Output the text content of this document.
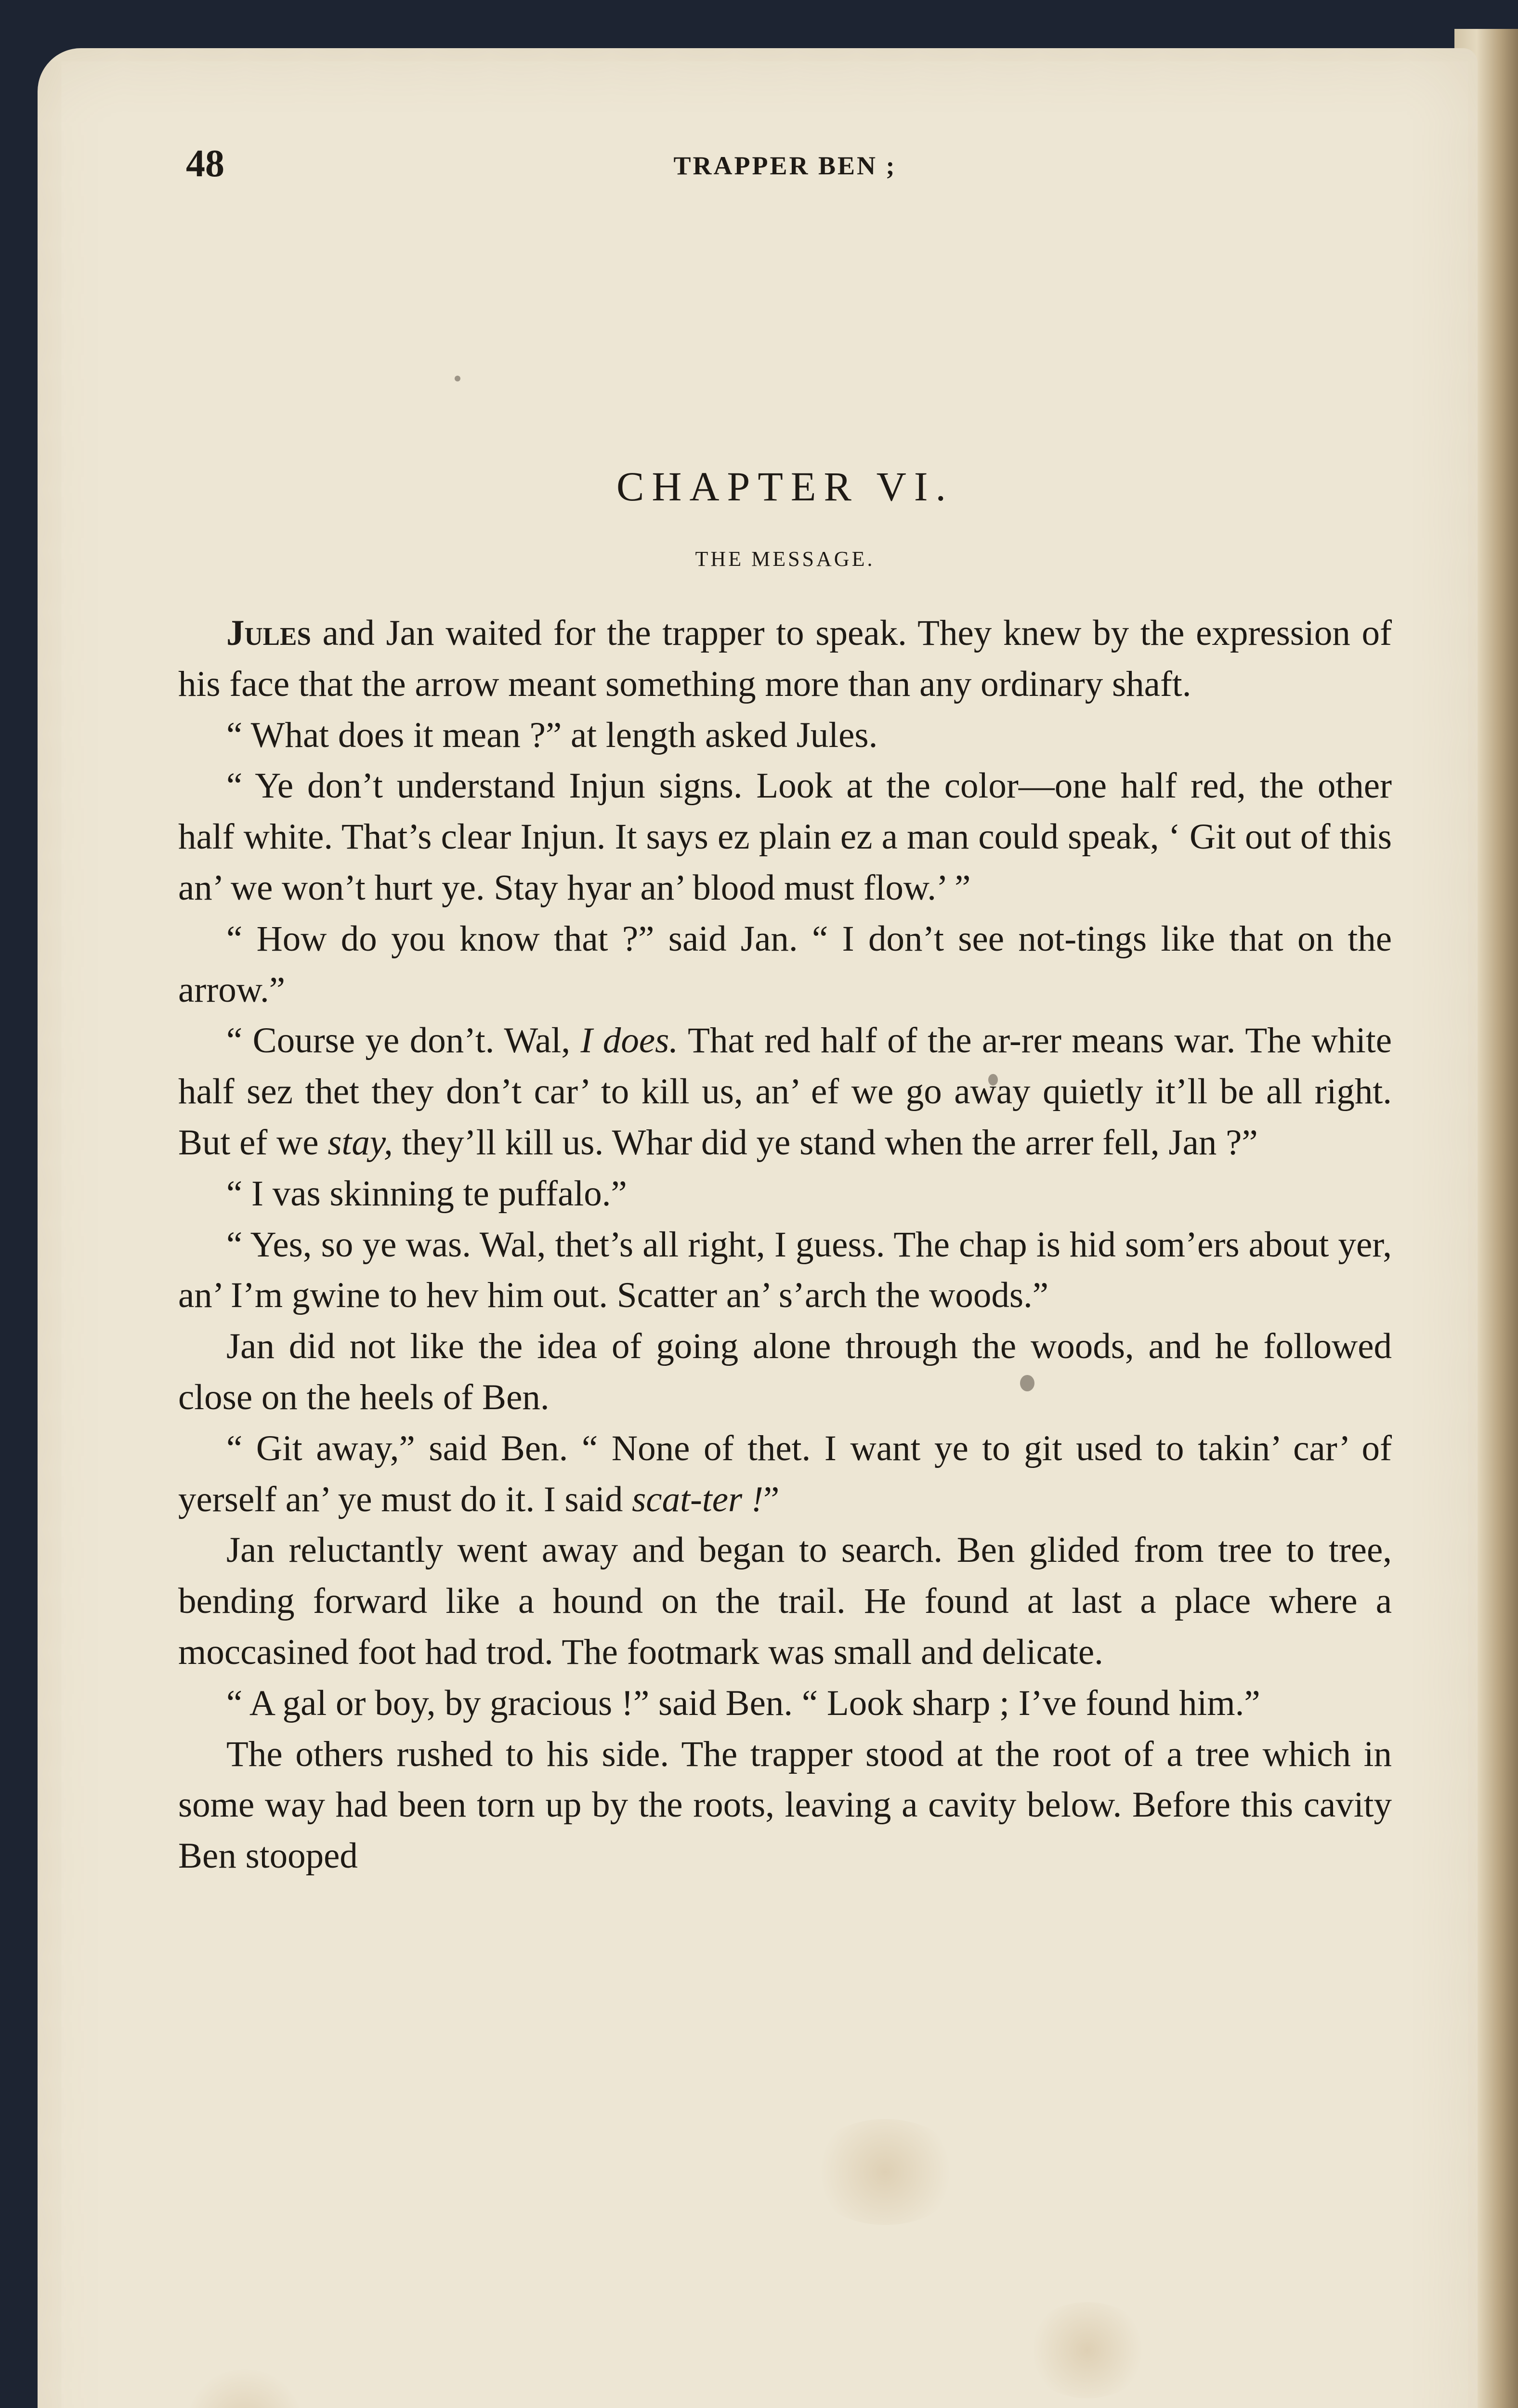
48	TRAPPER BEN ;
CHAPTER VI.
THE MESSAGE.

Jules and Jan waited for the trapper to speak. They knew by the expression of his face that the arrow meant something more than any ordinary shaft.

“ What does it mean ?” at length asked Jules.

“ Ye don’t understand Injun signs. Look at the color—one half red, the other half white. That’s clear Injun. It says ez plain ez a man could speak, ‘ Git out of this an’ we won’t hurt ye. Stay hyar an’ blood must flow.’ ”

“ How do you know that ?” said Jan. “ I don’t see not-tings like that on the arrow.”

“ Course ye don’t. Wal, I does. That red half of the ar-rer means war. The white half sez thet they don’t car’ to kill us, an’ ef we go away quietly it’ll be all right. But ef we stay, they’ll kill us. Whar did ye stand when the arrer fell, Jan ?”

“ I vas skinning te puffalo.”

“ Yes, so ye was. Wal, thet’s all right, I guess. The chap is hid som’ers about yer, an’ I’m gwine to hev him out. Scatter an’ s’arch the woods.”

Jan did not like the idea of going alone through the woods, and he followed close on the heels of Ben.

“ Git away,” said Ben. “ None of thet. I want ye to git used to takin’ car’ of yerself an’ ye must do it. I said scat-ter !”

Jan reluctantly went away and began to search. Ben glided from tree to tree, bending forward like a hound on the trail. He found at last a place where a moccasined foot had trod. The footmark was small and delicate.

“ A gal or boy, by gracious !” said Ben. “ Look sharp ; I’ve found him.”

The others rushed to his side. The trapper stood at the root of a tree which in some way had been torn up by the roots, leaving a cavity below. Before this cavity Ben stooped
